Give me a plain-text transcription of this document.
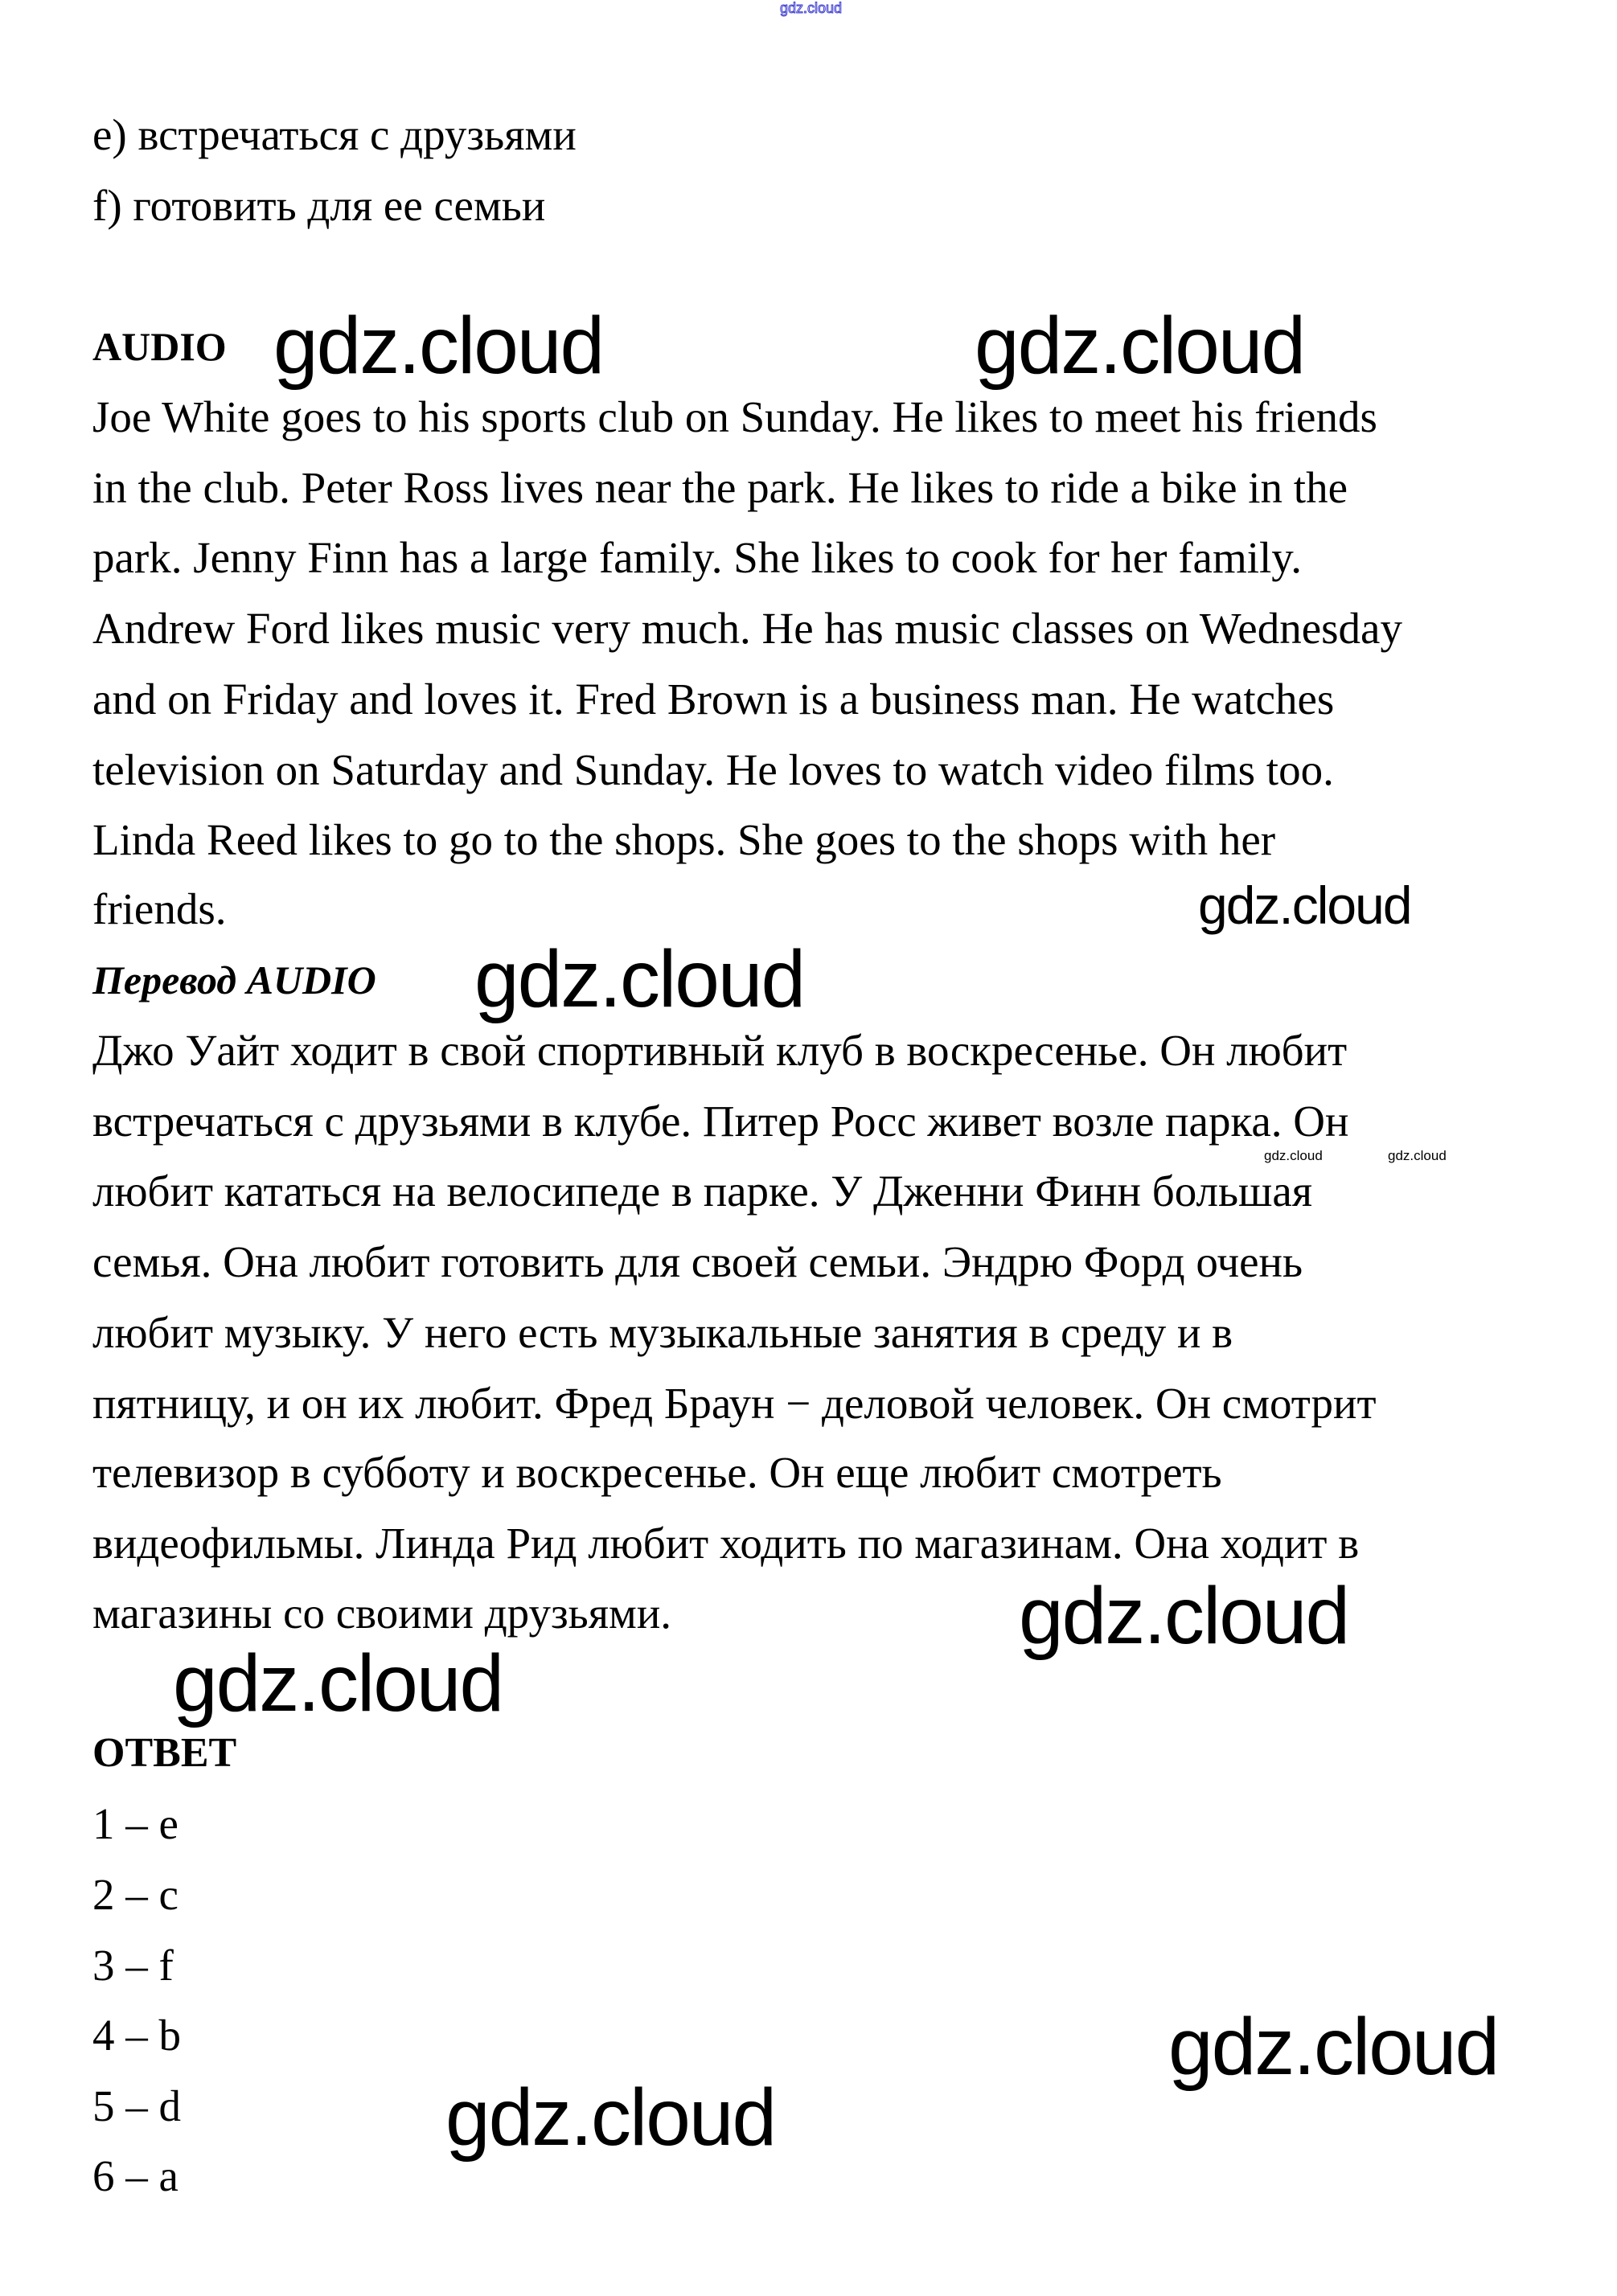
gdz.cloud
e) встречаться с друзьями
f) готовить для ее семьи
AUDIO
Joe White goes to his sports club on Sunday. He likes to meet his friends
in the club. Peter Ross lives near the park. He likes to ride a bike in the
park. Jenny Finn has a large family. She likes to cook for her family.
Andrew Ford likes music very much. He has music classes on Wednesday
and on Friday and loves it. Fred Brown is a business man. He watches
television on Saturday and Sunday. He loves to watch video films too.
Linda Reed likes to go to the shops. She goes to the shops with her
friends.
Перевод AUDIO
Джо Уайт ходит в свой спортивный клуб в воскресенье. Он любит
встречаться с друзьями в клубе. Питер Росс живет возле парка. Он
любит кататься на велосипеде в парке. У Дженни Финн большая
семья. Она любит готовить для своей семьи. Эндрю Форд очень
любит музыку. У него есть музыкальные занятия в среду и в
пятницу, и он их любит. Фред Браун − деловой человек. Он смотрит
телевизор в субботу и воскресенье. Он еще любит смотреть
видеофильмы. Линда Рид любит ходить по магазинам. Она ходит в
магазины со своими друзьями.
ОТВЕТ
1 – e
2 – c
3 – f
4 – b
5 – d
6 – a
gdz.cloud	gdz.cloud
gdz.cloud
gdz.cloud
gdz.cloud	gdz.cloud
gdz.cloud
gdz.cloud
gdz.cloud
gdz.cloud
